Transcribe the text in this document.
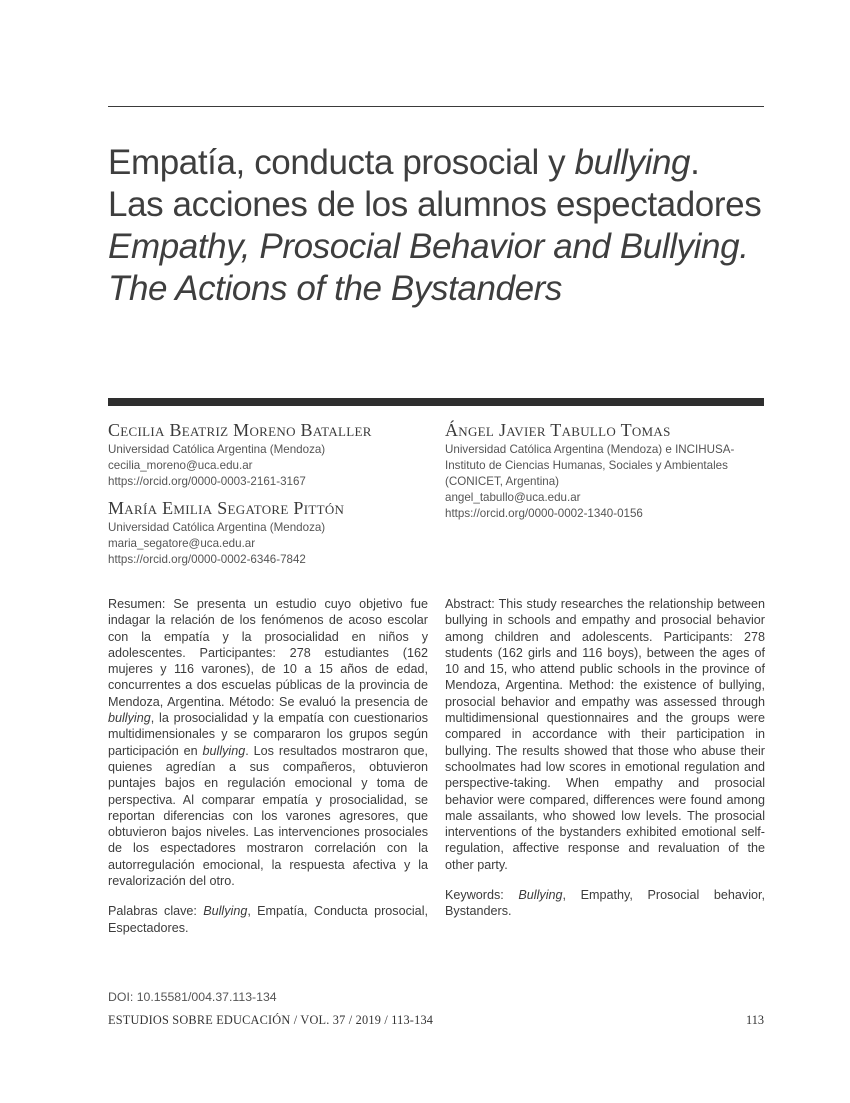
Empatía, conducta prosocial y bullying.
Las acciones de los alumnos espectadores
Empathy, Prosocial Behavior and Bullying.
The Actions of the Bystanders
Cecilia Beatriz Moreno Bataller
Universidad Católica Argentina (Mendoza)
cecilia_moreno@uca.edu.ar
https://orcid.org/0000-0003-2161-3167
María Emilia Segatore Pittón
Universidad Católica Argentina (Mendoza)
maria_segatore@uca.edu.ar
https://orcid.org/0000-0002-6346-7842
Ángel Javier Tabullo Tomas
Universidad Católica Argentina (Mendoza) e INCIHUSA-
Instituto de Ciencias Humanas, Sociales y Ambientales
(CONICET, Argentina)
angel_tabullo@uca.edu.ar
https://orcid.org/0000-0002-1340-0156

Resumen: Se presenta un estudio cuyo objetivo fue indagar la relación de los fenómenos de acoso escolar con la empatía y la prosocialidad en niños y adolescentes. Participantes: 278 estudiantes (162 mujeres y 116 varones), de 10 a 15 años de edad, concurrentes a dos escuelas públicas de la provincia de Mendoza, Argentina. Método: Se evaluó la presencia de bullying, la prosocialidad y la empatía con cuestionarios multidimensionales y se compararon los grupos según participación en bullying. Los resultados mostraron que, quienes agredían a sus compañeros, obtuvieron puntajes bajos en regulación emocional y toma de perspectiva. Al comparar empatía y prosocialidad, se reportan diferencias con los varones agresores, que obtuvieron bajos niveles. Las intervenciones prosociales de los espectadores mostraron correlación con la autorregulación emocional, la respuesta afectiva y la revalorización del otro.

Palabras clave: Bullying, Empatía, Conducta prosocial, Espectadores.

Abstract: This study researches the relationship between bullying in schools and empathy and prosocial behavior among children and adolescents. Participants: 278 students (162 girls and 116 boys), between the ages of 10 and 15, who attend public schools in the province of Mendoza, Argentina. Method: the existence of bullying, prosocial behavior and empathy was assessed through multidimensional questionnaires and the groups were compared in accordance with their participation in bullying. The results showed that those who abuse their schoolmates had low scores in emotional regulation and perspective-taking. When empathy and prosocial behavior were compared, differences were found among male assailants, who showed low levels. The prosocial interventions of the bystanders exhibited emotional self-regulation, affective response and revaluation of the other party.

Keywords: Bullying, Empathy, Prosocial behavior, Bystanders.

DOI: 10.15581/004.37.113-134
ESTUDIOS SOBRE EDUCACIÓN / VOL. 37 / 2019 / 113-134	113
